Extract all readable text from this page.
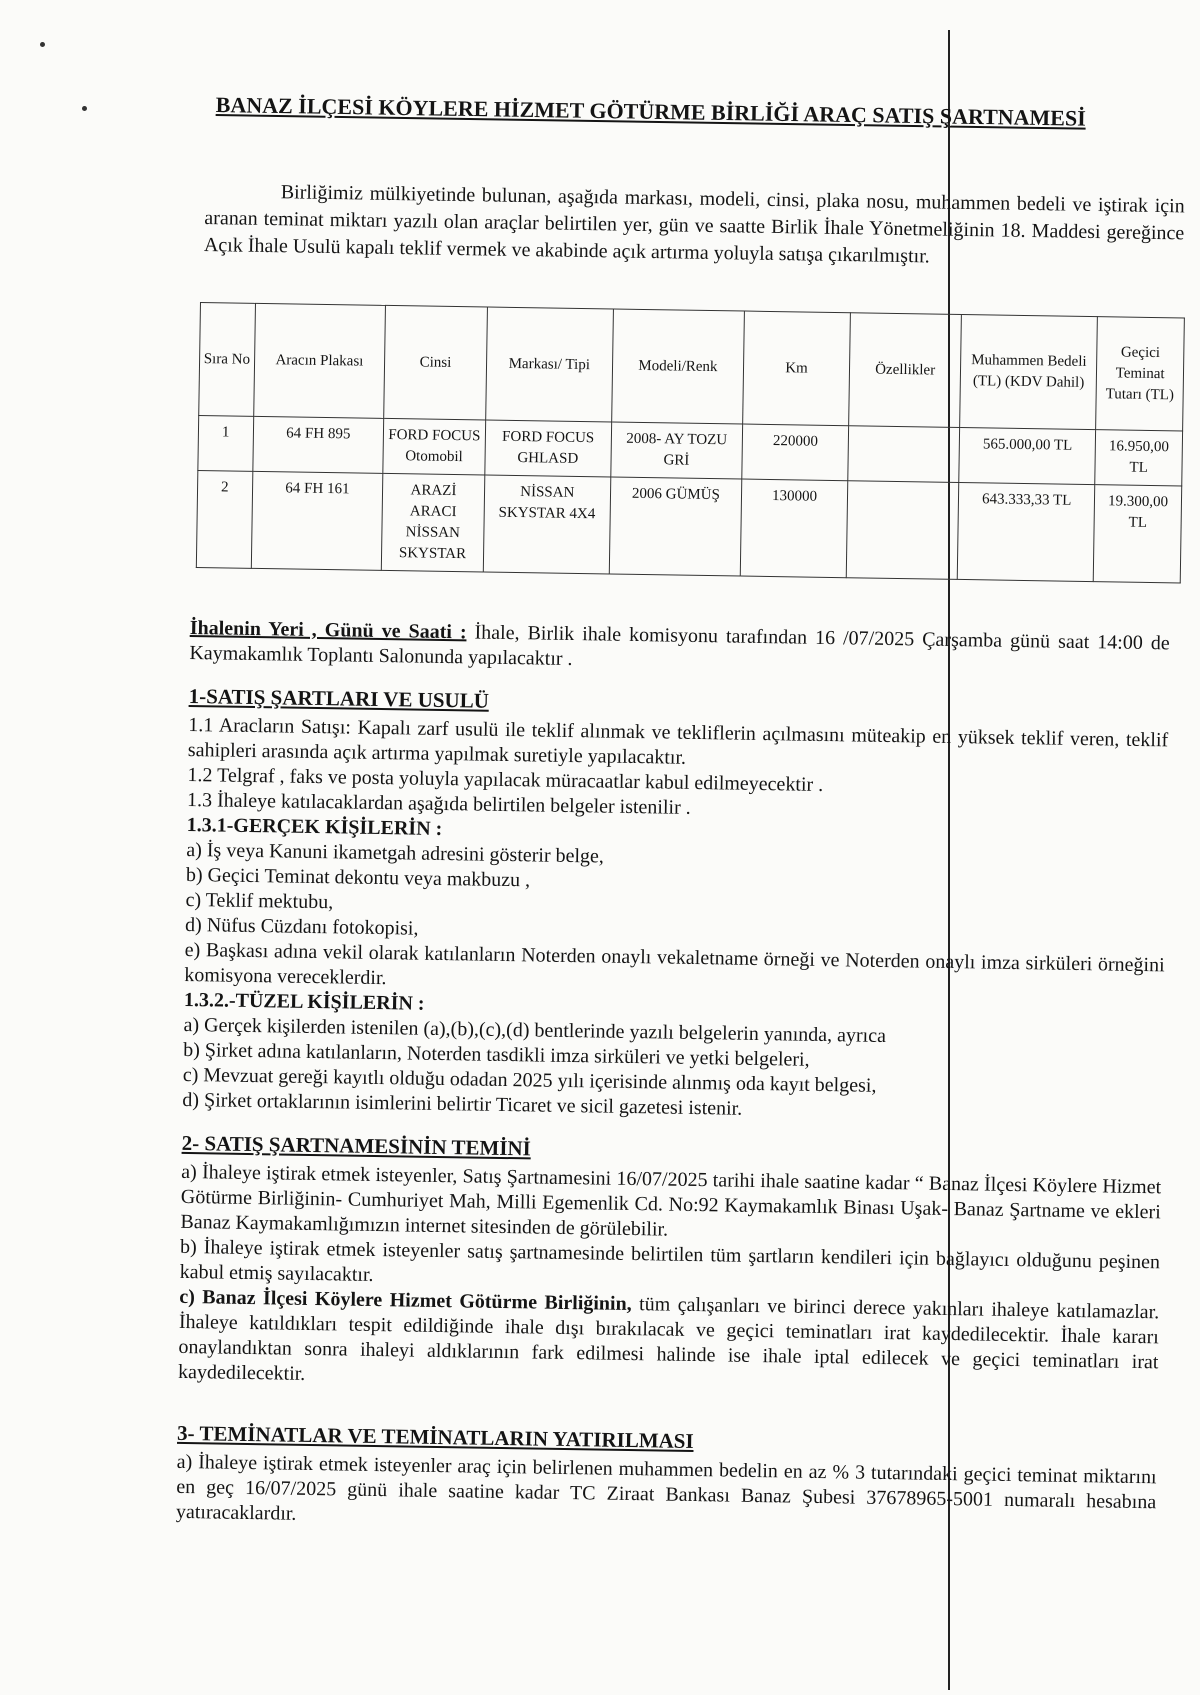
BANAZ İLÇESİ KÖYLERE HİZMET GÖTÜRME BİRLİĞİ ARAÇ SATIŞ ŞARTNAMESİ

Birliğimiz mülkiyetinde bulunan, aşağıda markası, modeli, cinsi, plaka nosu, muhammen bedeli ve iştirak için aranan teminat miktarı yazılı olan araçlar belirtilen yer, gün ve saatte Birlik İhale Yönetmeliğinin 18. Maddesi gereğince Açık İhale Usulü kapalı teklif vermek ve akabinde açık artırma yoluyla satışa çıkarılmıştır.

Sıra No	Aracın Plakası	Cinsi	Markası/ Tipi	Modeli/Renk	Km	Özellikler	Muhammen Bedeli (TL) (KDV Dahil)	Geçici Teminat Tutarı (TL)
1	64 FH 895	FORD FOCUS Otomobil	FORD FOCUS GHLASD	2008- AY TOZU GRİ	220000		565.000,00 TL	16.950,00 TL
2	64 FH 161	ARAZİ ARACI NİSSAN SKYSTAR	NİSSAN SKYSTAR 4X4	2006 GÜMÜŞ	130000		643.333,33 TL	19.300,00 TL

İhalenin Yeri , Günü ve Saati : İhale, Birlik ihale komisyonu tarafından 16 /07/2025 Çarşamba günü saat 14:00 de Kaymakamlık Toplantı Salonunda yapılacaktır .

1-SATIŞ ŞARTLARI VE USULÜ

1.1 Aracların Satışı: Kapalı zarf usulü ile teklif alınmak ve tekliflerin açılmasını müteakip en yüksek teklif veren, teklif sahipleri arasında açık artırma yapılmak suretiyle yapılacaktır.

1.2 Telgraf , faks ve posta yoluyla yapılacak müracaatlar kabul edilmeyecektir .

1.3 İhaleye katılacaklardan aşağıda belirtilen belgeler istenilir .

1.3.1-GERÇEK KİŞİLERİN :

a) İş veya Kanuni ikametgah adresini gösterir belge,

b) Geçici Teminat dekontu veya makbuzu ,

c) Teklif mektubu,

d) Nüfus Cüzdanı fotokopisi,

e) Başkası adına vekil olarak katılanların Noterden onaylı vekaletname örneği ve Noterden onaylı imza sirküleri örneğini komisyona vereceklerdir.

1.3.2.-TÜZEL KİŞİLERİN :

a) Gerçek kişilerden istenilen (a),(b),(c),(d) bentlerinde yazılı belgelerin yanında, ayrıca

b) Şirket adına katılanların, Noterden tasdikli imza sirküleri ve yetki belgeleri,

c) Mevzuat gereği kayıtlı olduğu odadan 2025 yılı içerisinde alınmış oda kayıt belgesi,

d) Şirket ortaklarının isimlerini belirtir Ticaret ve sicil gazetesi istenir.

2- SATIŞ ŞARTNAMESİNİN TEMİNİ

a) İhaleye iştirak etmek isteyenler, Satış Şartnamesini 16/07/2025 tarihi ihale saatine kadar “ Banaz İlçesi Köylere Hizmet Götürme Birliğinin- Cumhuriyet Mah, Milli Egemenlik Cd. No:92 Kaymakamlık Binası Uşak- Banaz Şartname ve ekleri Banaz Kaymakamlığımızın internet sitesinden de görülebilir.

b) İhaleye iştirak etmek isteyenler satış şartnamesinde belirtilen tüm şartların kendileri için bağlayıcı olduğunu peşinen kabul etmiş sayılacaktır.

c) Banaz İlçesi Köylere Hizmet Götürme Birliğinin, tüm çalışanları ve birinci derece yakınları ihaleye katılamazlar. İhaleye katıldıkları tespit edildiğinde ihale dışı bırakılacak ve geçici teminatları irat kaydedilecektir. İhale kararı onaylandıktan sonra ihaleyi aldıklarının fark edilmesi halinde ise ihale iptal edilecek ve geçici teminatları irat kaydedilecektir.

3- TEMİNATLAR VE TEMİNATLARIN YATIRILMASI

a) İhaleye iştirak etmek isteyenler araç için belirlenen muhammen bedelin en az % 3 tutarındaki geçici teminat miktarını en geç 16/07/2025 günü ihale saatine kadar TC Ziraat Bankası Banaz Şubesi 37678965-5001 numaralı hesabına yatıracaklardır.
